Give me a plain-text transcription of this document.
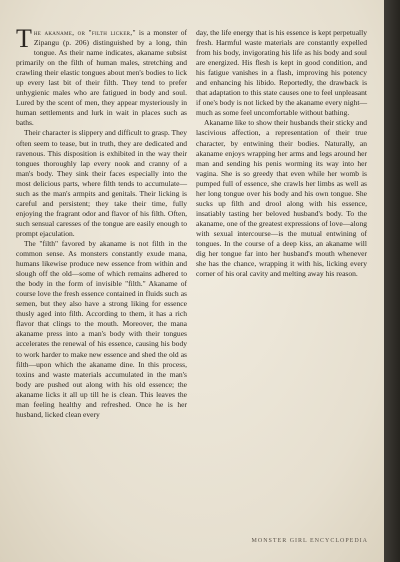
The akaname, or "filth licker," is a monster of Zipangu (p. 206) distinguished by a long, thin tongue. As their name indicates, akaname subsist primarily on the filth of human males, stretching and crawling their elastic tongues about men's bodies to lick up every last bit of their filth. They tend to prefer unhygienic males who are fatigued in body and soul. Lured by the scent of men, they appear mysteriously in human settlements and lurk in wait in places such as baths.

Their character is slippery and difficult to grasp. They often seem to tease, but in truth, they are dedicated and ravenous. This disposition is exhibited in the way their tongues thoroughly lap every nook and cranny of a man's body. They sink their faces especially into the most delicious parts, where filth tends to accumulate—such as the man's armpits and genitals. Their licking is careful and persistent; they take their time, fully enjoying the fragrant odor and flavor of his filth. Often, such sensual caresses of the tongue are easily enough to prompt ejaculation.

The "filth" favored by akaname is not filth in the common sense. As monsters constantly exude mana, humans likewise produce new essence from within and slough off the old—some of which remains adhered to the body in the form of invisible "filth." Akaname of course love the fresh essence contained in fluids such as semen, but they also have a strong liking for essence thusly aged into filth. According to them, it has a rich flavor that clings to the mouth. Moreover, the mana akaname press into a man's body with their tongues accelerates the renewal of his essence, causing his body to work harder to make new essence and shed the old as filth—upon which the akaname dine. In this process, toxins and waste materials accumulated in the man's body are pushed out along with his old essence; the akaname licks it all up till he is clean. This leaves the man feeling healthy and refreshed. Once he is her husband, licked clean every

day, the life energy that is his essence is kept perpetually fresh. Harmful waste materials are constantly expelled from his body, invigorating his life as his body and soul are energized. His flesh is kept in good condition, and his fatigue vanishes in a flash, improving his potency and enhancing his libido. Reportedly, the drawback is that adaptation to this state causes one to feel unpleasant if one's body is not licked by the akaname every night—much as some feel uncomfortable without bathing.

Akaname like to show their husbands their sticky and lascivious affection, a representation of their true character, by entwining their bodies. Naturally, an akaname enjoys wrapping her arms and legs around her man and sending his penis worming its way into her vagina. She is so greedy that even while her womb is pumped full of essence, she crawls her limbs as well as her long tongue over his body and his own tongue. She sucks up filth and drool along with his essence, insatiably tasting her beloved husband's body. To the akaname, one of the greatest expressions of love—along with sexual intercourse—is the mutual entwining of tongues. In the course of a deep kiss, an akaname will dig her tongue far into her husband's mouth whenever she has the chance, wrapping it with his, licking every corner of his oral cavity and melting away his reason.

MONSTER GIRL ENCYCLOPEDIA
